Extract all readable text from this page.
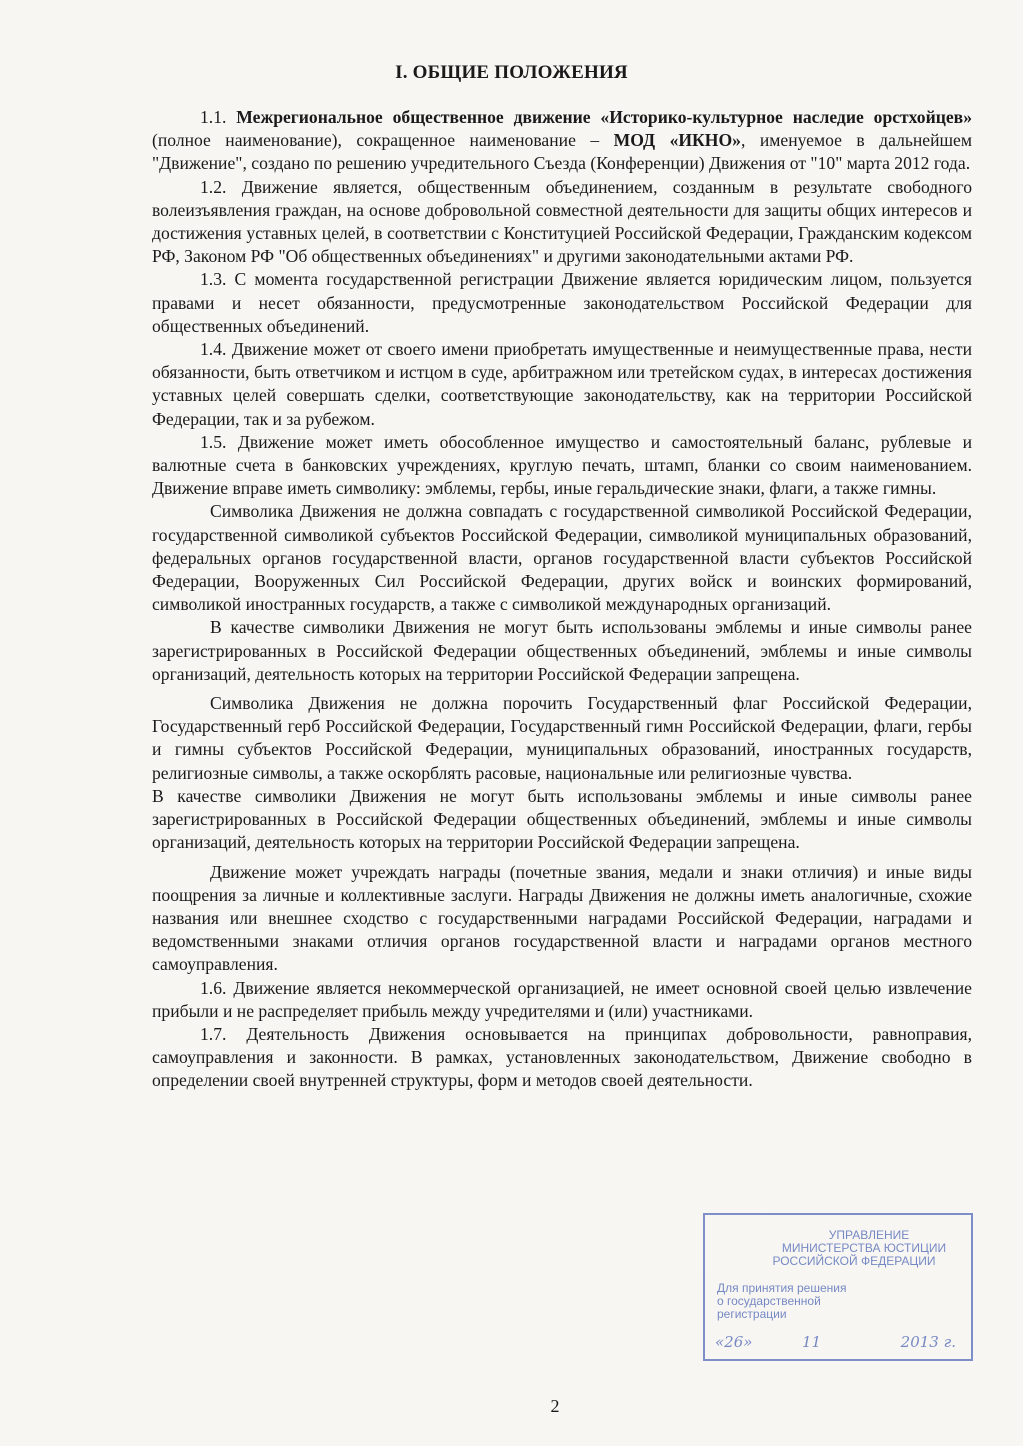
I. ОБЩИЕ ПОЛОЖЕНИЯ

1.1. Межрегиональное общественное движение «Историко-культурное наследие орстхойцев» (полное наименование), сокращенное наименование – МОД «ИКНО», именуемое в дальнейшем "Движение", создано по решению учредительного Съезда (Конференции) Движения от "10" марта 2012 года.

1.2. Движение является, общественным объединением, созданным в результате свободного волеизъявления граждан, на основе добровольной совместной деятельности для защиты общих интересов и достижения уставных целей, в соответствии с Конституцией Российской Федерации, Гражданским кодексом РФ, Законом РФ "Об общественных объединениях" и другими законодательными актами РФ.

1.3. С момента государственной регистрации Движение является юридическим лицом, пользуется правами и несет обязанности, предусмотренные законодательством Российской Федерации для общественных объединений.

1.4. Движение может от своего имени приобретать имущественные и неимущественные права, нести обязанности, быть ответчиком и истцом в суде, арбитражном или третейском судах, в интересах достижения уставных целей совершать сделки, соответствующие законодательству, как на территории Российской Федерации, так и за рубежом.

1.5. Движение может иметь обособленное имущество и самостоятельный баланс, рублевые и валютные счета в банковских учреждениях, круглую печать, штамп, бланки со своим наименованием. Движение вправе иметь символику: эмблемы, гербы, иные геральдические знаки, флаги, а также гимны.

Символика Движения не должна совпадать с государственной символикой Российской Федерации, государственной символикой субъектов Российской Федерации, символикой муниципальных образований, федеральных органов государственной власти, органов государственной власти субъектов Российской Федерации, Вооруженных Сил Российской Федерации, других войск и воинских формирований, символикой иностранных государств, а также с символикой международных организаций.

В качестве символики Движения не могут быть использованы эмблемы и иные символы ранее зарегистрированных в Российской Федерации общественных объединений, эмблемы и иные символы организаций, деятельность которых на территории Российской Федерации запрещена.

Символика Движения не должна порочить Государственный флаг Российской Федерации, Государственный герб Российской Федерации, Государственный гимн Российской Федерации, флаги, гербы и гимны субъектов Российской Федерации, муниципальных образований, иностранных государств, религиозные символы, а также оскорблять расовые, национальные или религиозные чувства.

В качестве символики Движения не могут быть использованы эмблемы и иные символы ранее зарегистрированных в Российской Федерации общественных объединений, эмблемы и иные символы организаций, деятельность которых на территории Российской Федерации запрещена.

Движение может учреждать награды (почетные звания, медали и знаки отличия) и иные виды поощрения за личные и коллективные заслуги. Награды Движения не должны иметь аналогичные, схожие названия или внешнее сходство с государственными наградами Российской Федерации, наградами и ведомственными знаками отличия органов государственной власти и наградами органов местного самоуправления.

1.6. Движение является некоммерческой организацией, не имеет основной своей целью извлечение прибыли и не распределяет прибыль между учредителями и (или) участниками.

1.7. Деятельность Движения основывается на принципах добровольности, равноправия, самоуправления и законности. В рамках, установленных законодательством, Движение свободно в определении своей внутренней структуры, форм и методов своей деятельности.

УПРАВЛЕНИЕ
МИНИСТЕРСТВА ЮСТИЦИИ
РОССИЙСКОЙ ФЕДЕРАЦИИ
Для принятия решения
о государственной
регистрации
«26»	11	2013 г.
2
